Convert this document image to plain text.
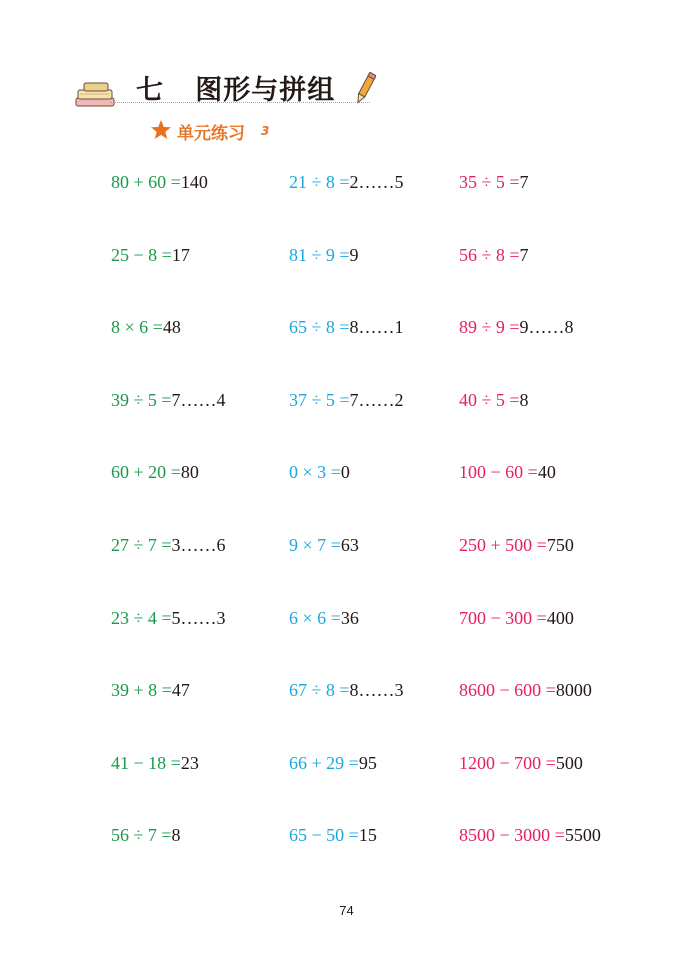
七   图形与拼组
单元练习 3
80 + 60 =140
25 − 8 =17
8 × 6 =48
39 ÷ 5 =7……4
60 + 20 =80
27 ÷ 7 =3……6
23 ÷ 4 =5……3
39 + 8 =47
41 − 18 =23
56 ÷ 7 =8
21 ÷ 8 =2……5
81 ÷ 9 =9
65 ÷ 8 =8……1
37 ÷ 5 =7……2
0 × 3 =0
9 × 7 =63
6 × 6 =36
67 ÷ 8 =8……3
66 + 29 =95
65 − 50 =15
35 ÷ 5 =7
56 ÷ 8 =7
89 ÷ 9 =9……8
40 ÷ 5 =8
100 − 60 =40
250 + 500 =750
700 − 300 =400
8600 − 600 =8000
1200 − 700 =500
8500 − 3000 =5500
74
